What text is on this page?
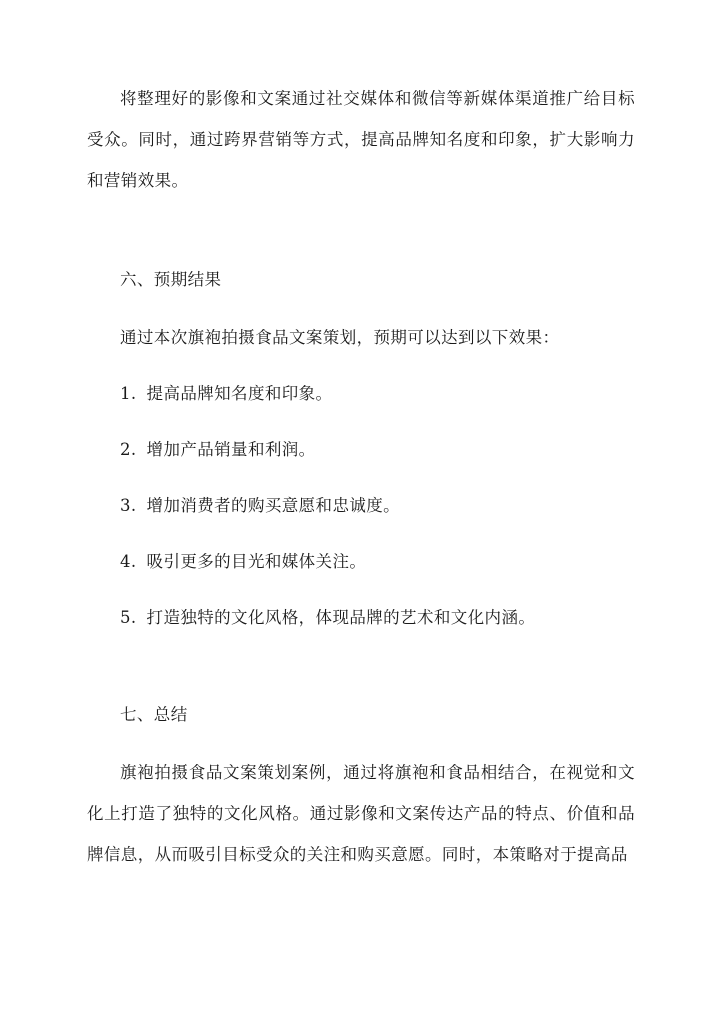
将整理好的影像和文案通过社交媒体和微信等新媒体渠道推广给目标受众。同时，通过跨界营销等方式，提高品牌知名度和印象，扩大影响力和营销效果。

六、预期结果

通过本次旗袍拍摄食品文案策划，预期可以达到以下效果：

1. 提高品牌知名度和印象。

2. 增加产品销量和利润。

3. 增加消费者的购买意愿和忠诚度。

4. 吸引更多的目光和媒体关注。

5. 打造独特的文化风格，体现品牌的艺术和文化内涵。

七、总结

旗袍拍摄食品文案策划案例，通过将旗袍和食品相结合，在视觉和文化上打造了独特的文化风格。通过影像和文案传达产品的特点、价值和品牌信息，从而吸引目标受众的关注和购买意愿。同时，本策略对于提高品
